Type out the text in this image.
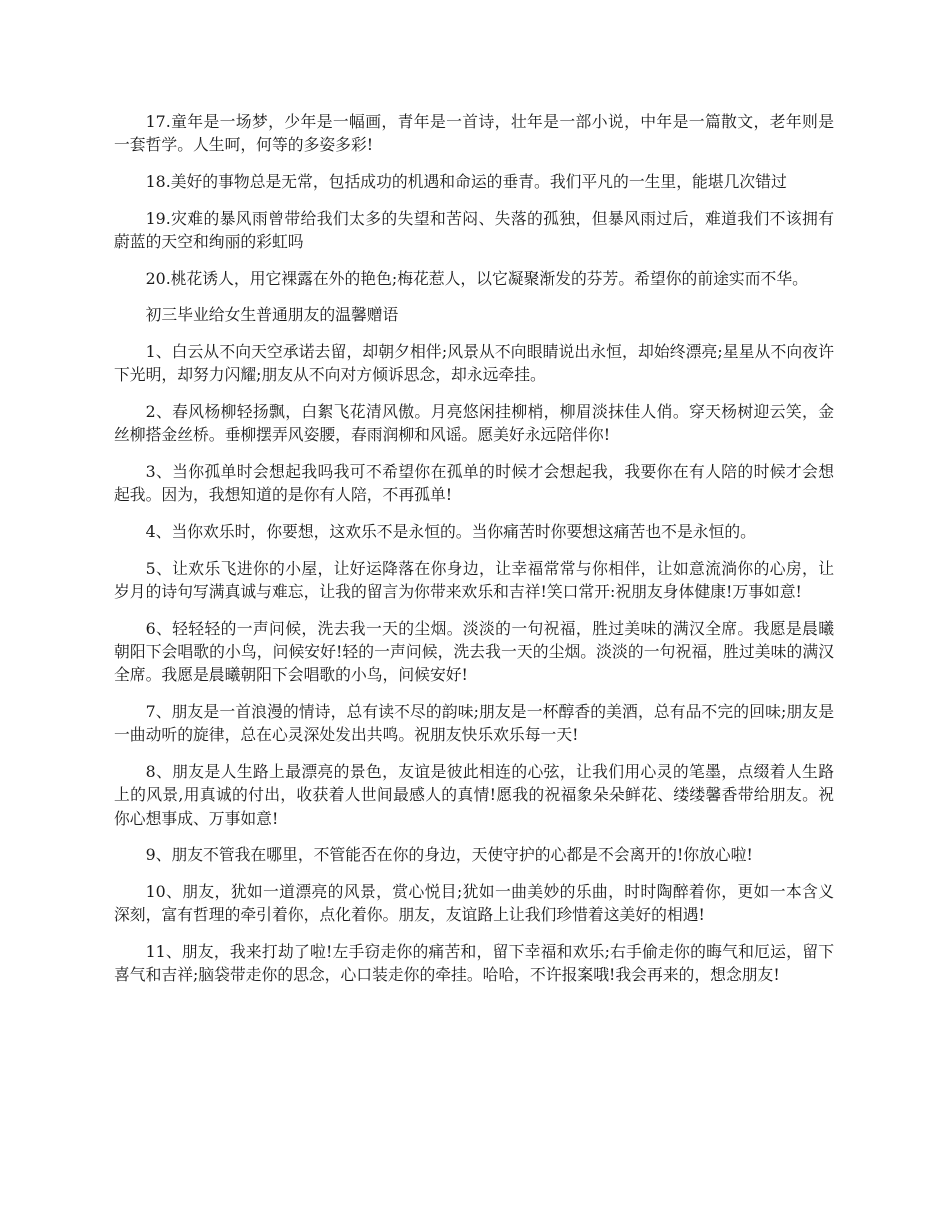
17.童年是一场梦，少年是一幅画，青年是一首诗，壮年是一部小说，中年是一篇散文，老年则是一套哲学。人生呵，何等的多姿多彩!

18.美好的事物总是无常，包括成功的机遇和命运的垂青。我们平凡的一生里，能堪几次错过

19.灾难的暴风雨曾带给我们太多的失望和苦闷、失落的孤独，但暴风雨过后，难道我们不该拥有蔚蓝的天空和绚丽的彩虹吗

20.桃花诱人，用它裸露在外的艳色;梅花惹人，以它凝聚渐发的芬芳。希望你的前途实而不华。

初三毕业给女生普通朋友的温馨赠语

1、白云从不向天空承诺去留，却朝夕相伴;风景从不向眼睛说出永恒，却始终漂亮;星星从不向夜许下光明，却努力闪耀;朋友从不向对方倾诉思念，却永远牵挂。

2、春风杨柳轻扬飘，白絮飞花清风傲。月亮悠闲挂柳梢，柳眉淡抹佳人俏。穿天杨树迎云笑，金丝柳搭金丝桥。垂柳摆弄风姿腰，春雨润柳和风谣。愿美好永远陪伴你!

3、当你孤单时会想起我吗我可不希望你在孤单的时候才会想起我，我要你在有人陪的时候才会想起我。因为，我想知道的是你有人陪，不再孤单!

4、当你欢乐时，你要想，这欢乐不是永恒的。当你痛苦时你要想这痛苦也不是永恒的。

5、让欢乐飞进你的小屋，让好运降落在你身边，让幸福常常与你相伴，让如意流淌你的心房，让岁月的诗句写满真诚与难忘，让我的留言为你带来欢乐和吉祥!笑口常开:祝朋友身体健康!万事如意!

6、轻轻轻的一声问候，洗去我一天的尘烟。淡淡的一句祝福，胜过美味的满汉全席。我愿是晨曦朝阳下会唱歌的小鸟，问候安好!轻的一声问候，洗去我一天的尘烟。淡淡的一句祝福，胜过美味的满汉全席。我愿是晨曦朝阳下会唱歌的小鸟，问候安好!

7、朋友是一首浪漫的情诗，总有读不尽的韵味;朋友是一杯醇香的美酒，总有品不完的回味;朋友是一曲动听的旋律，总在心灵深处发出共鸣。祝朋友快乐欢乐每一天!

8、朋友是人生路上最漂亮的景色，友谊是彼此相连的心弦，让我们用心灵的笔墨，点缀着人生路上的风景,用真诚的付出，收获着人世间最感人的真情!愿我的祝福象朵朵鲜花、缕缕馨香带给朋友。祝你心想事成、万事如意!

9、朋友不管我在哪里，不管能否在你的身边，天使守护的心都是不会离开的!你放心啦!

10、朋友，犹如一道漂亮的风景，赏心悦目;犹如一曲美妙的乐曲，时时陶醉着你，更如一本含义深刻，富有哲理的牵引着你，点化着你。朋友，友谊路上让我们珍惜着这美好的相遇!

11、朋友，我来打劫了啦!左手窃走你的痛苦和，留下幸福和欢乐;右手偷走你的晦气和厄运，留下喜气和吉祥;脑袋带走你的思念，心口装走你的牵挂。哈哈，不许报案哦!我会再来的，想念朋友!
